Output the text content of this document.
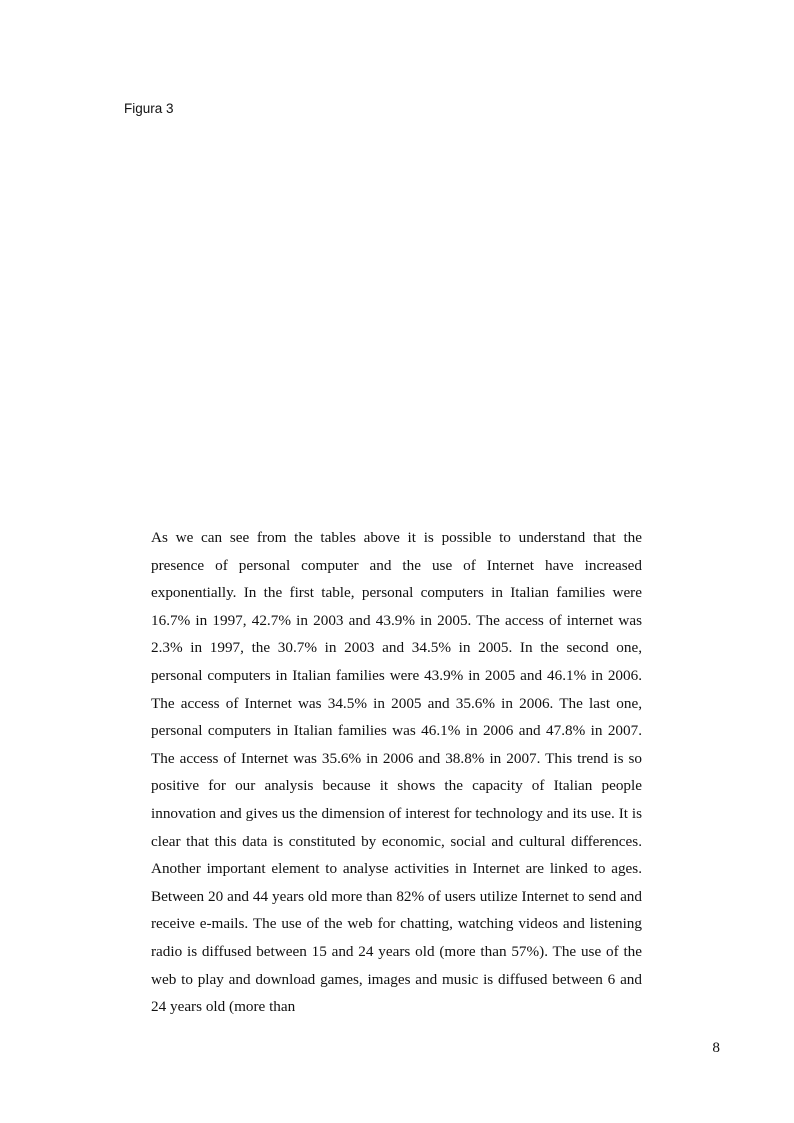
Figura 3

As we can see from the tables above it is possible to understand that the presence of personal computer and the use of Internet have increased exponentially. In the first table, personal computers in Italian families were 16.7% in 1997, 42.7% in 2003 and 43.9% in 2005. The access of internet was 2.3% in 1997, the 30.7% in 2003 and 34.5% in 2005. In the second one, personal computers in Italian families were 43.9% in 2005 and 46.1% in 2006. The access of Internet was 34.5% in 2005 and 35.6% in 2006. The last one, personal computers in Italian families was 46.1% in 2006 and 47.8% in 2007. The access of Internet was 35.6% in 2006 and 38.8% in 2007. This trend is so positive for our analysis because it shows the capacity of Italian people innovation and gives us the dimension of interest for technology and its use. It is clear that this data is constituted by economic, social and cultural differences. Another important element to analyse activities in Internet are linked to ages. Between 20 and 44 years old more than 82% of users utilize Internet to send and receive e-mails. The use of the web for chatting, watching videos and listening radio is diffused between 15 and 24 years old (more than 57%). The use of the web to play and download games, images and music is diffused between 6 and 24 years old (more than

8
